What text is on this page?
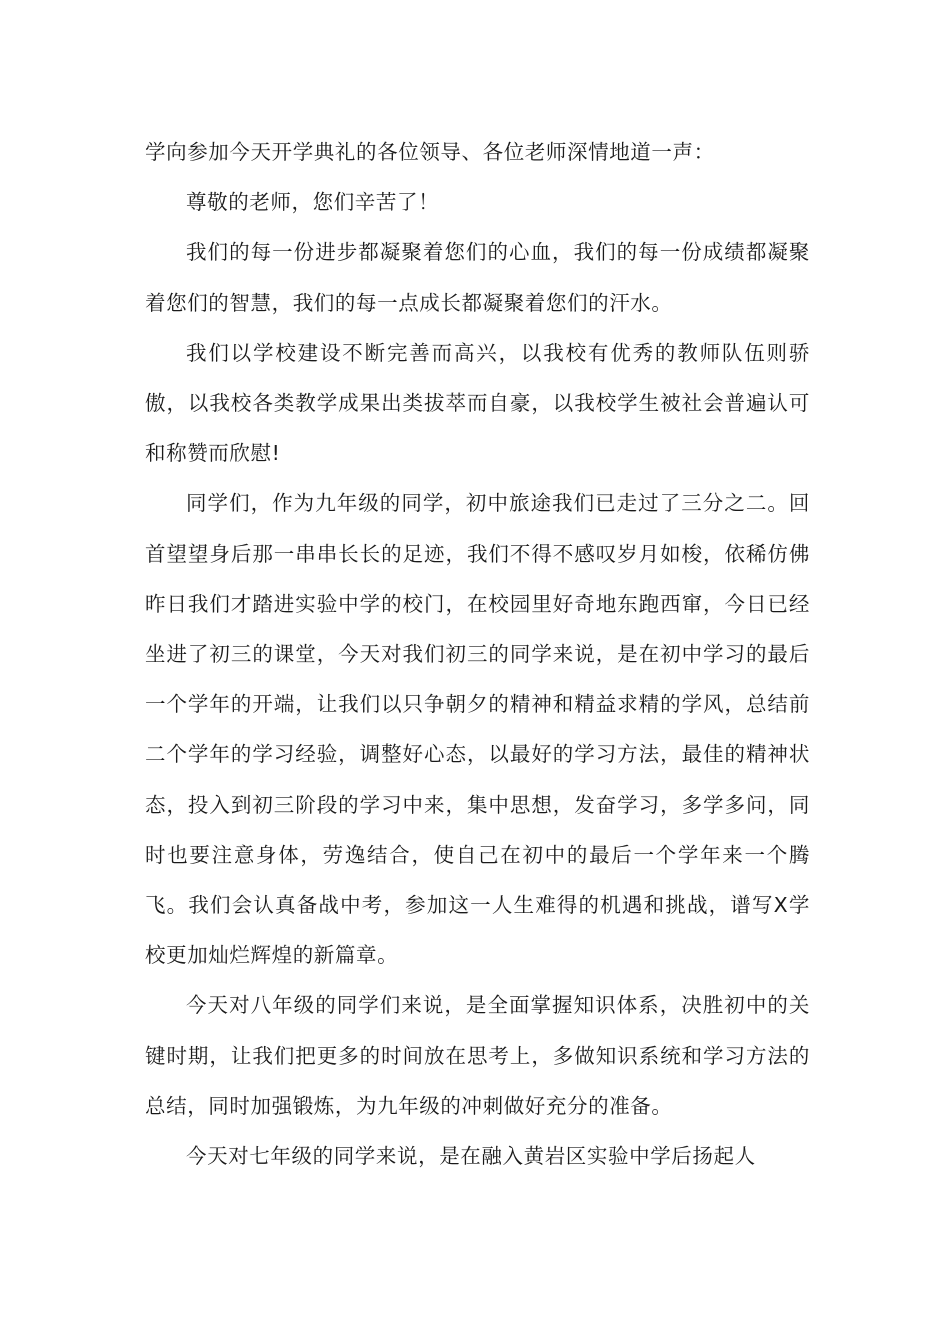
学向参加今天开学典礼的各位领导、各位老师深情地道一声：

尊敬的老师，您们辛苦了！

我们的每一份进步都凝聚着您们的心血，我们的每一份成绩都凝聚着您们的智慧，我们的每一点成长都凝聚着您们的汗水。

我们以学校建设不断完善而高兴，以我校有优秀的教师队伍则骄傲，以我校各类教学成果出类拔萃而自豪，以我校学生被社会普遍认可和称赞而欣慰!

同学们，作为九年级的同学，初中旅途我们已走过了三分之二。回首望望身后那一串串长长的足迹，我们不得不感叹岁月如梭，依稀仿佛昨日我们才踏进实验中学的校门，在校园里好奇地东跑西窜，今日已经坐进了初三的课堂，今天对我们初三的同学来说，是在初中学习的最后一个学年的开端，让我们以只争朝夕的精神和精益求精的学风，总结前二个学年的学习经验，调整好心态，以最好的学习方法，最佳的精神状态，投入到初三阶段的学习中来，集中思想，发奋学习，多学多问，同时也要注意身体，劳逸结合，使自己在初中的最后一个学年来一个腾飞。我们会认真备战中考，参加这一人生难得的机遇和挑战，谱写X学校更加灿烂辉煌的新篇章。

今天对八年级的同学们来说，是全面掌握知识体系，决胜初中的关键时期，让我们把更多的时间放在思考上，多做知识系统和学习方法的总结，同时加强锻炼，为九年级的冲刺做好充分的准备。

今天对七年级的同学来说，是在融入黄岩区实验中学后扬起人
